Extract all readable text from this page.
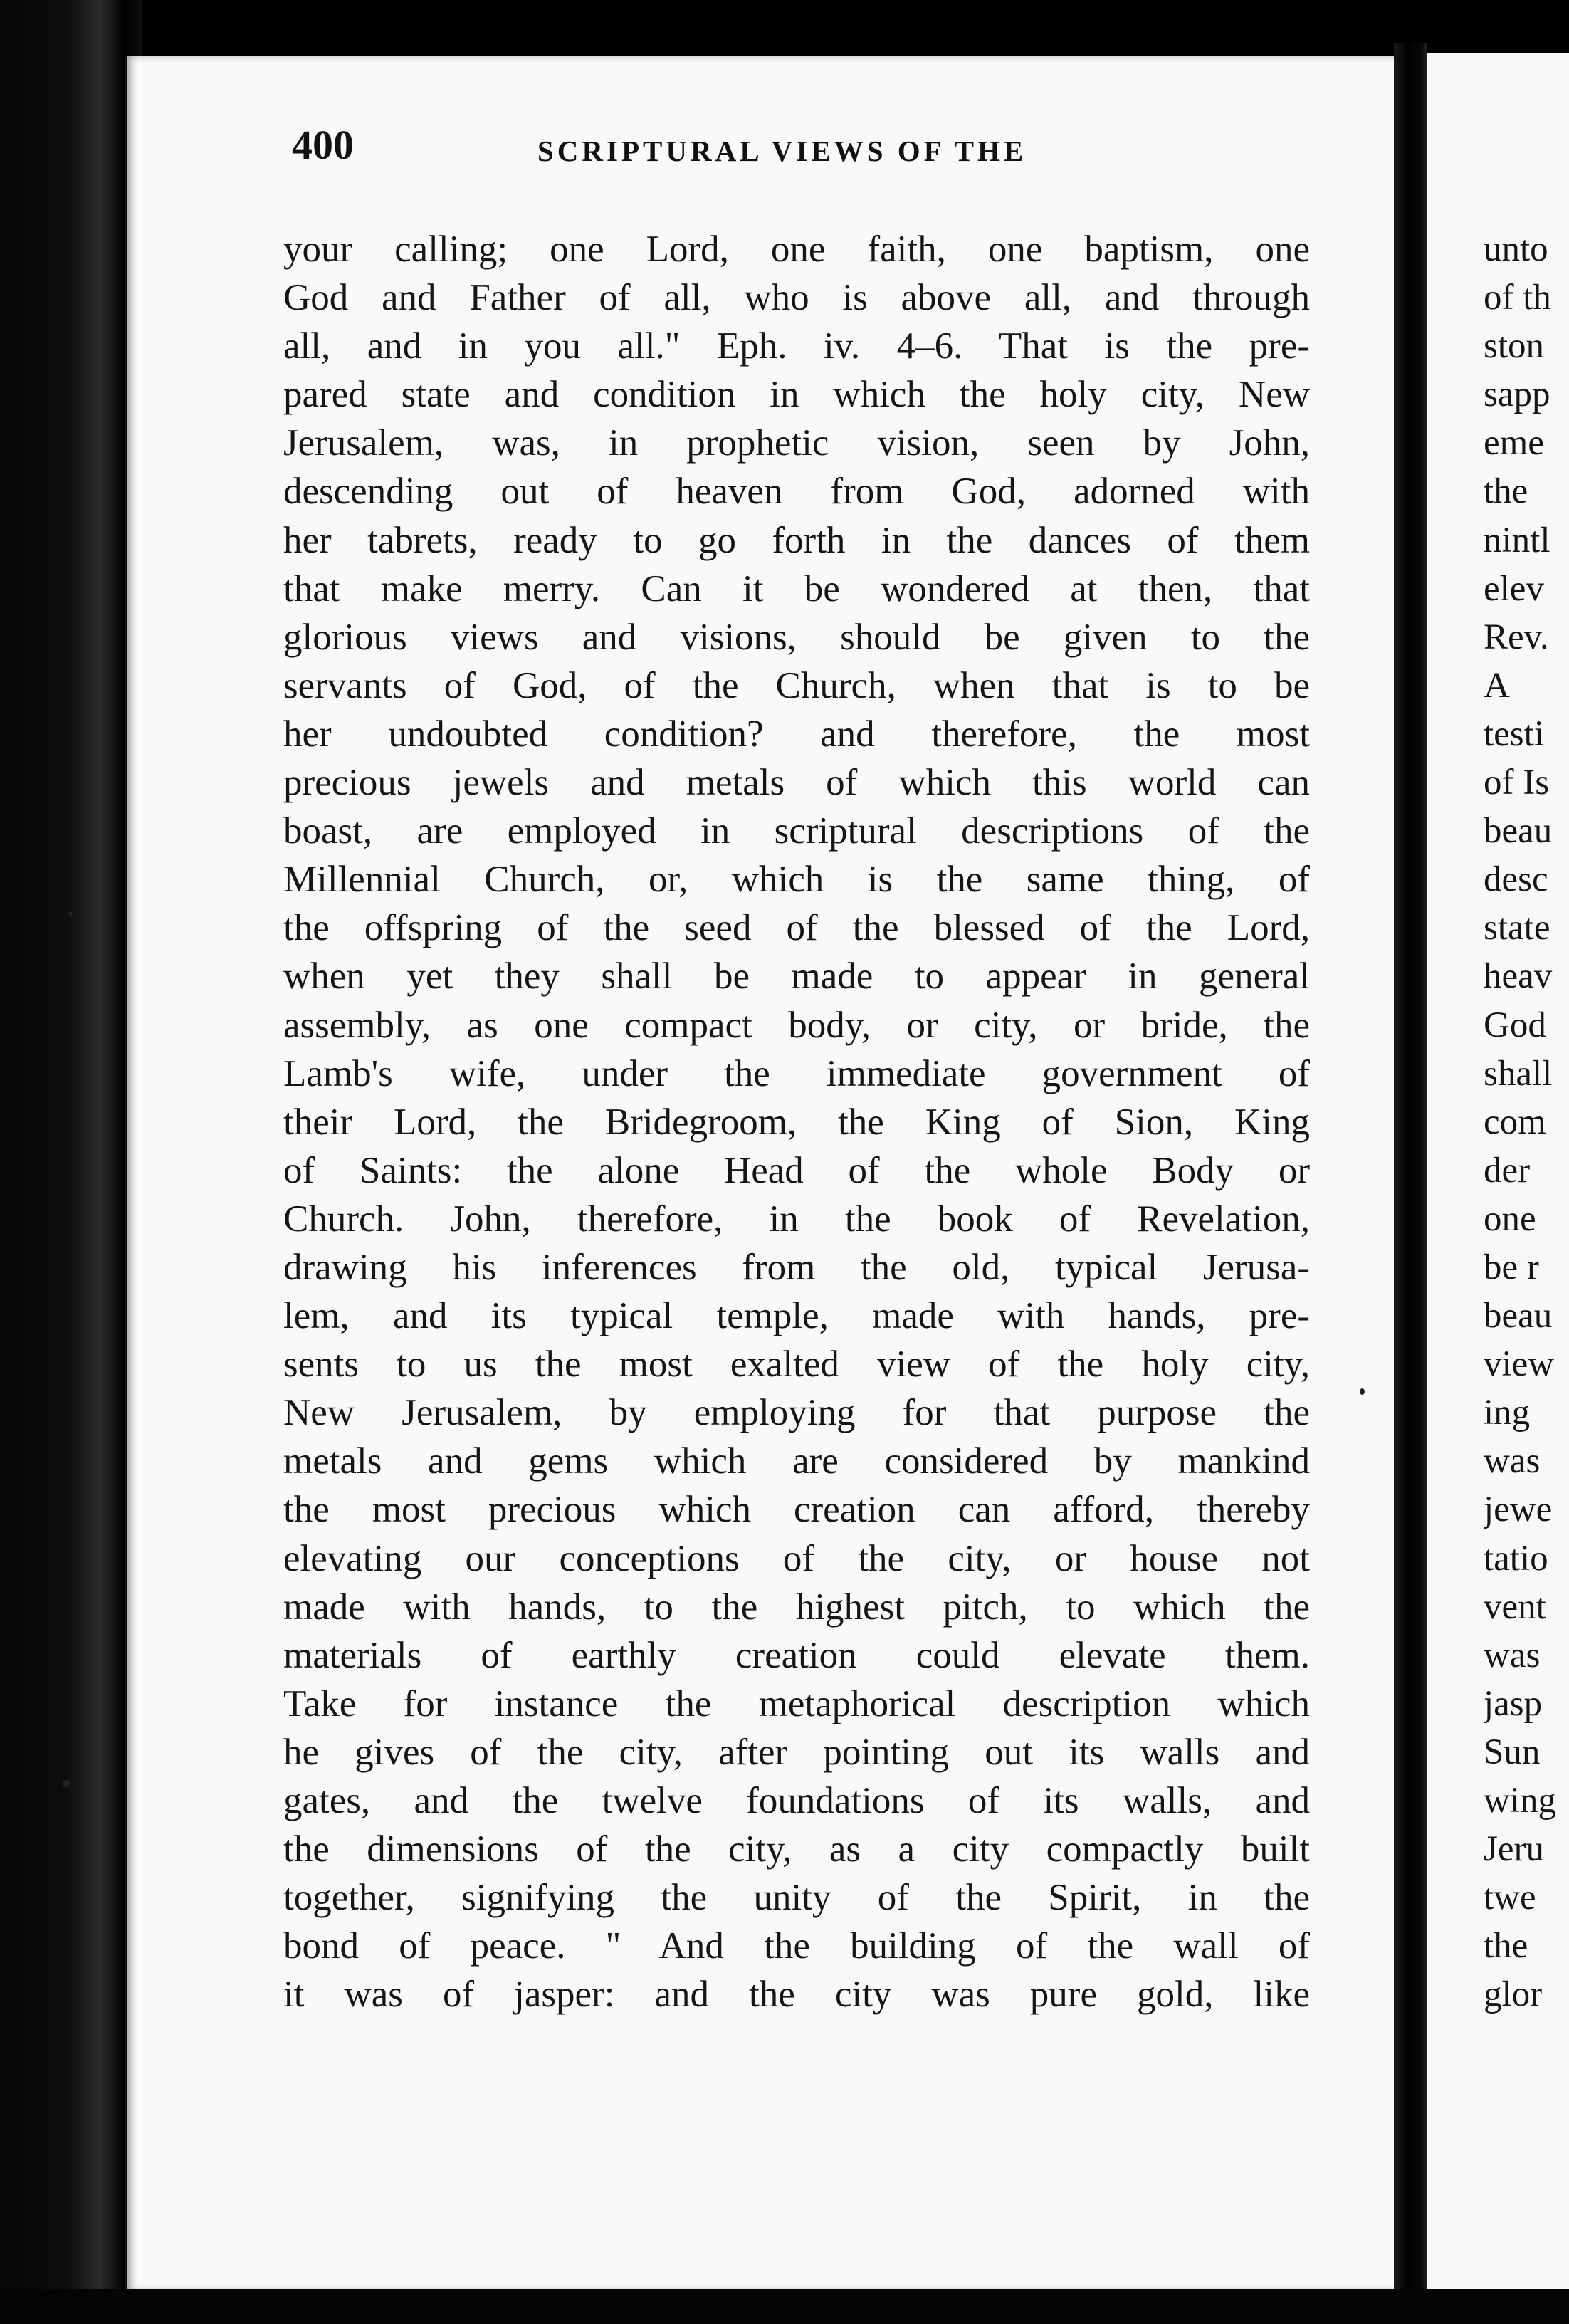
400	SCRIPTURAL VIEWS OF THE
your calling; one Lord, one faith, one baptism, one
God and Father of all, who is above all, and through
all, and in you all." Eph. iv. 4–6. That is the pre-
pared state and condition in which the holy city, New
Jerusalem, was, in prophetic vision, seen by John,
descending out of heaven from God, adorned with
her tabrets, ready to go forth in the dances of them
that make merry. Can it be wondered at then, that
glorious views and visions, should be given to the
servants of God, of the Church, when that is to be
her undoubted condition? and therefore, the most
precious jewels and metals of which this world can
boast, are employed in scriptural descriptions of the
Millennial Church, or, which is the same thing, of
the offspring of the seed of the blessed of the Lord,
when yet they shall be made to appear in general
assembly, as one compact body, or city, or bride, the
Lamb's wife, under the immediate government of
their Lord, the Bridegroom, the King of Sion, King
of Saints: the alone Head of the whole Body or
Church. John, therefore, in the book of Revelation,
drawing his inferences from the old, typical Jerusa-
lem, and its typical temple, made with hands, pre-
sents to us the most exalted view of the holy city,
New Jerusalem, by employing for that purpose the
metals and gems which are considered by mankind
the most precious which creation can afford, thereby
elevating our conceptions of the city, or house not
made with hands, to the highest pitch, to which the
materials of earthly creation could elevate them.
Take for instance the metaphorical description which
he gives of the city, after pointing out its walls and
gates, and the twelve foundations of its walls, and
the dimensions of the city, as a city compactly built
together, signifying the unity of the Spirit, in the
bond of peace. " And the building of the wall of
it was of jasper: and the city was pure gold, like
unto
of th
ston
sapp
eme
the
nintl
elev
Rev.
A
testi
of Is
beau
desc
state
heav
God
shall
com
der
one
be r
beau
view
ing
was
jewe
tatio
vent
was
jasp
Sun
wing
Jeru
twe
the
glor
